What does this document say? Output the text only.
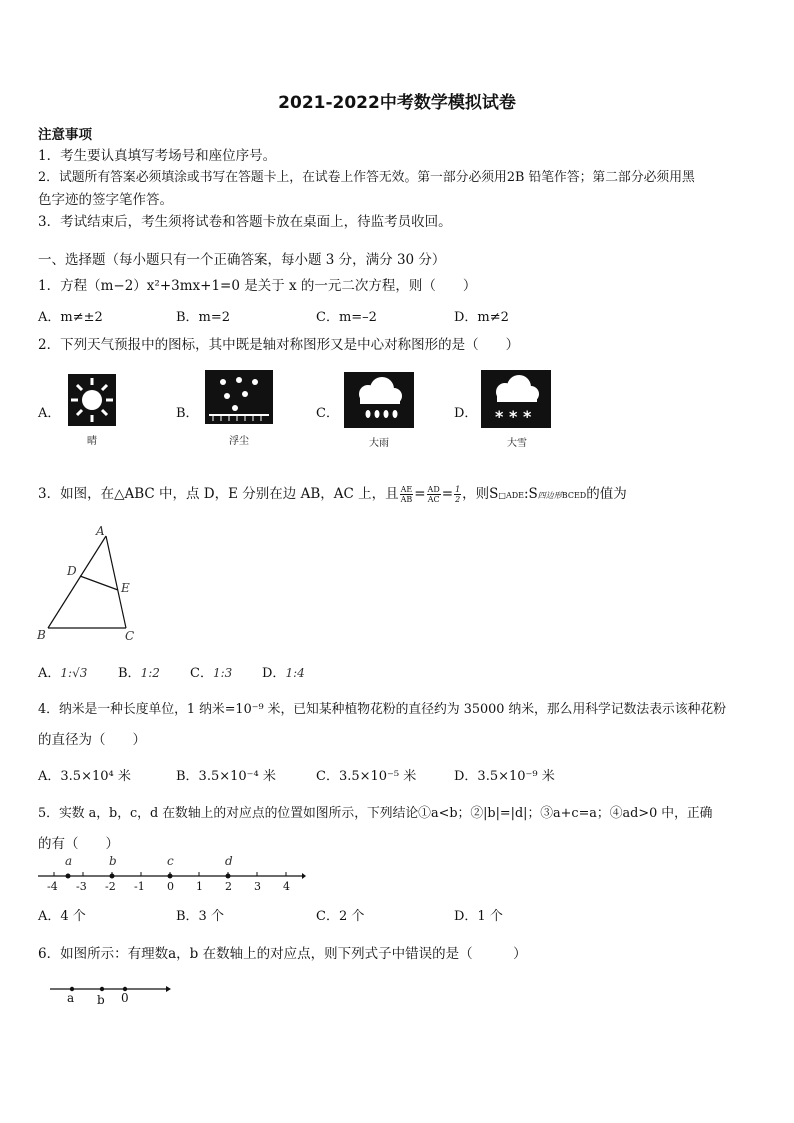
2021-2022中考数学模拟试卷
注意事项
1．考生要认真填写考场号和座位序号。
2．试题所有答案必须填涂或书写在答题卡上，在试卷上作答无效。第一部分必须用2B 铅笔作答；第二部分必须用黑
色字迹的签字笔作答。
3．考试结束后，考生须将试卷和答题卡放在桌面上，待监考员收回。
一、选择题（每小题只有一个正确答案，每小题 3 分，满分 30 分）
1．方程（m−2）x²+3mx+1=0 是关于 x 的一元二次方程，则（　　）
A．m≠±2	B．m=2	C．m=–2	D．m≠2
2．下列天气预报中的图标，其中既是轴对称图形又是中心对称图形的是（　　）
A．
晴
B．
浮尘
C．
大雨
D． * * *
大雪
3．如图，在△ABC 中，点 D，E 分别在边 AB，AC 上，且 $\frac{AE}{AB} = \frac{AD}{AC} = \frac{1}{2}$ ，则S□ADE:S四边形BCED的值为
A
D
E
B	C
A．1:√3 B．1:2 C．1:3 D．1:4
4．纳米是一种长度单位，1 纳米=10⁻⁹ 米，已知某种植物花粉的直径约为 35000 纳米，那么用科学记数法表示该种花粉
的直径为（　　）
A．3.5×10⁴ 米	B．3.5×10⁻⁴ 米	C．3.5×10⁻⁵ 米	D．3.5×10⁻⁹ 米
5．实数 a，b，c，d 在数轴上的对应点的位置如图所示，下列结论①a<b；②|b|=|d|；③a+c=a；④ad>0 中，正确
的有（　　）
a	b	c	d
-4 -3 -2 -1 0 1 2 3 4
A．4 个	B．3 个	C．2 个	D．1 个
6．如图所示：有理数a，b 在数轴上的对应点，则下列式子中错误的是（　　　）
a b 0
